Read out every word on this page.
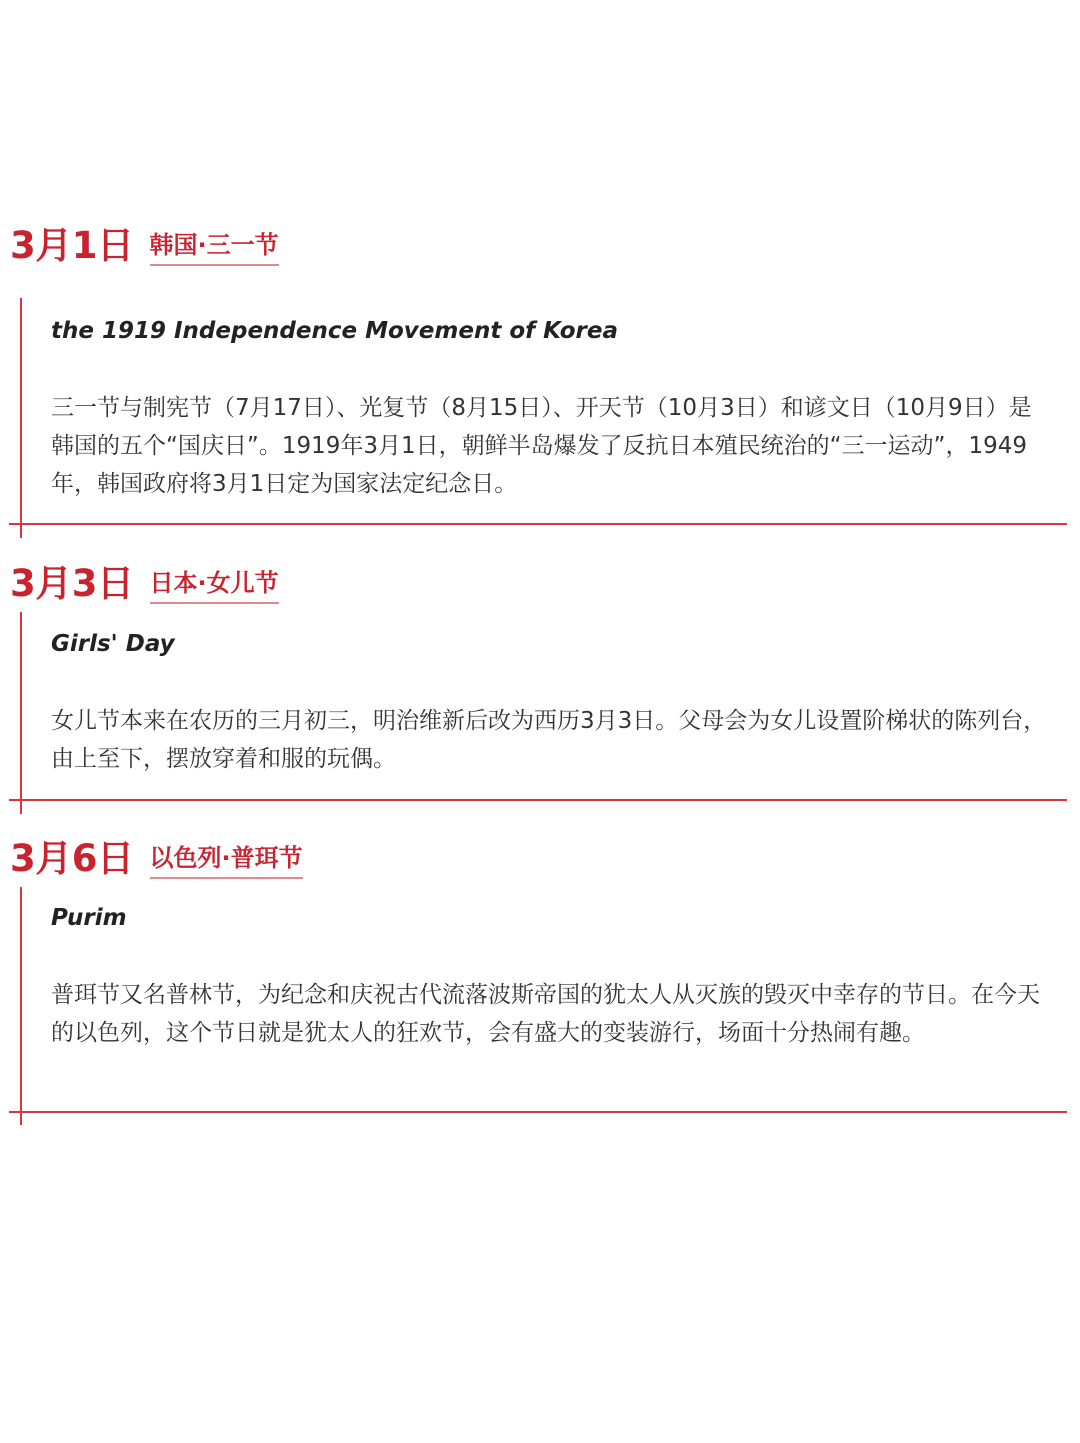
3月1日 韩国·三一节
the 1919 Independence Movement of Korea

三一节与制宪节（7月17日）、光复节（8月15日）、开天节（10月3日）和谚文日（10月9日）是韩国的五个“国庆日”。1919年3月1日，朝鲜半岛爆发了反抗日本殖民统治的“三一运动”，1949年，韩国政府将3月1日定为国家法定纪念日。

3月3日 日本·女儿节
Girls' Day

女儿节本来在农历的三月初三，明治维新后改为西历3月3日。父母会为女儿设置阶梯状的陈列台，由上至下，摆放穿着和服的玩偶。

3月6日 以色列·普珥节
Purim

普珥节又名普林节，为纪念和庆祝古代流落波斯帝国的犹太人从灭族的毁灭中幸存的节日。在今天的以色列，这个节日就是犹太人的狂欢节，会有盛大的变装游行，场面十分热闹有趣。
